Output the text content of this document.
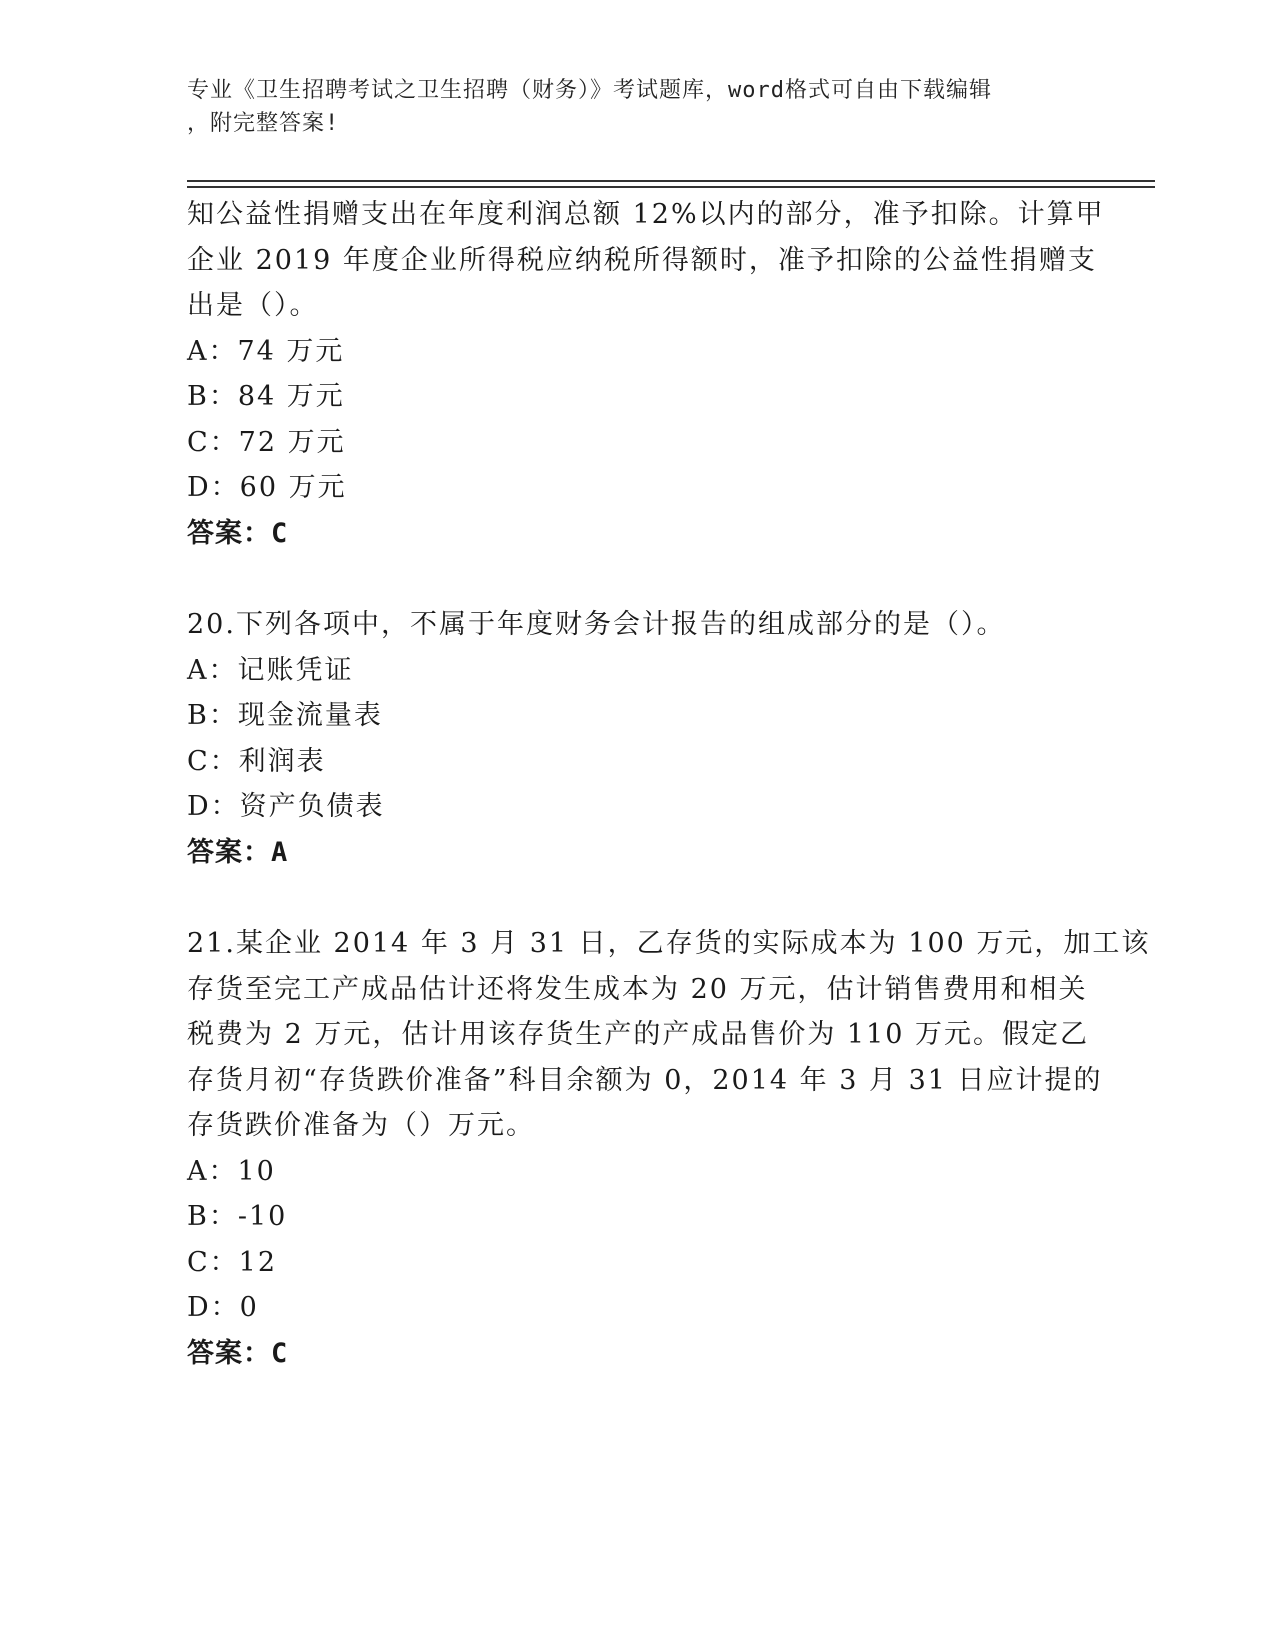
专业《卫生招聘考试之卫生招聘（财务）》考试题库，word格式可自由下载编辑
，附完整答案!
知公益性捐赠支出在年度利润总额 12%以内的部分，准予扣除。计算甲
企业 2019 年度企业所得税应纳税所得额时，准予扣除的公益性捐赠支
出是（）。
A：74 万元
B：84 万元
C：72 万元
D：60 万元
答案：C
20.下列各项中，不属于年度财务会计报告的组成部分的是（）。
A：记账凭证
B：现金流量表
C：利润表
D：资产负债表
答案：A
21.某企业 2014 年 3 月 31 日，乙存货的实际成本为 100 万元，加工该
存货至完工产成品估计还将发生成本为 20 万元，估计销售费用和相关
税费为 2 万元，估计用该存货生产的产成品售价为 110 万元。假定乙
存货月初“存货跌价准备”科目余额为 0，2014 年 3 月 31 日应计提的
存货跌价准备为（）万元。
A：10
B：-10
C：12
D：0
答案：C
